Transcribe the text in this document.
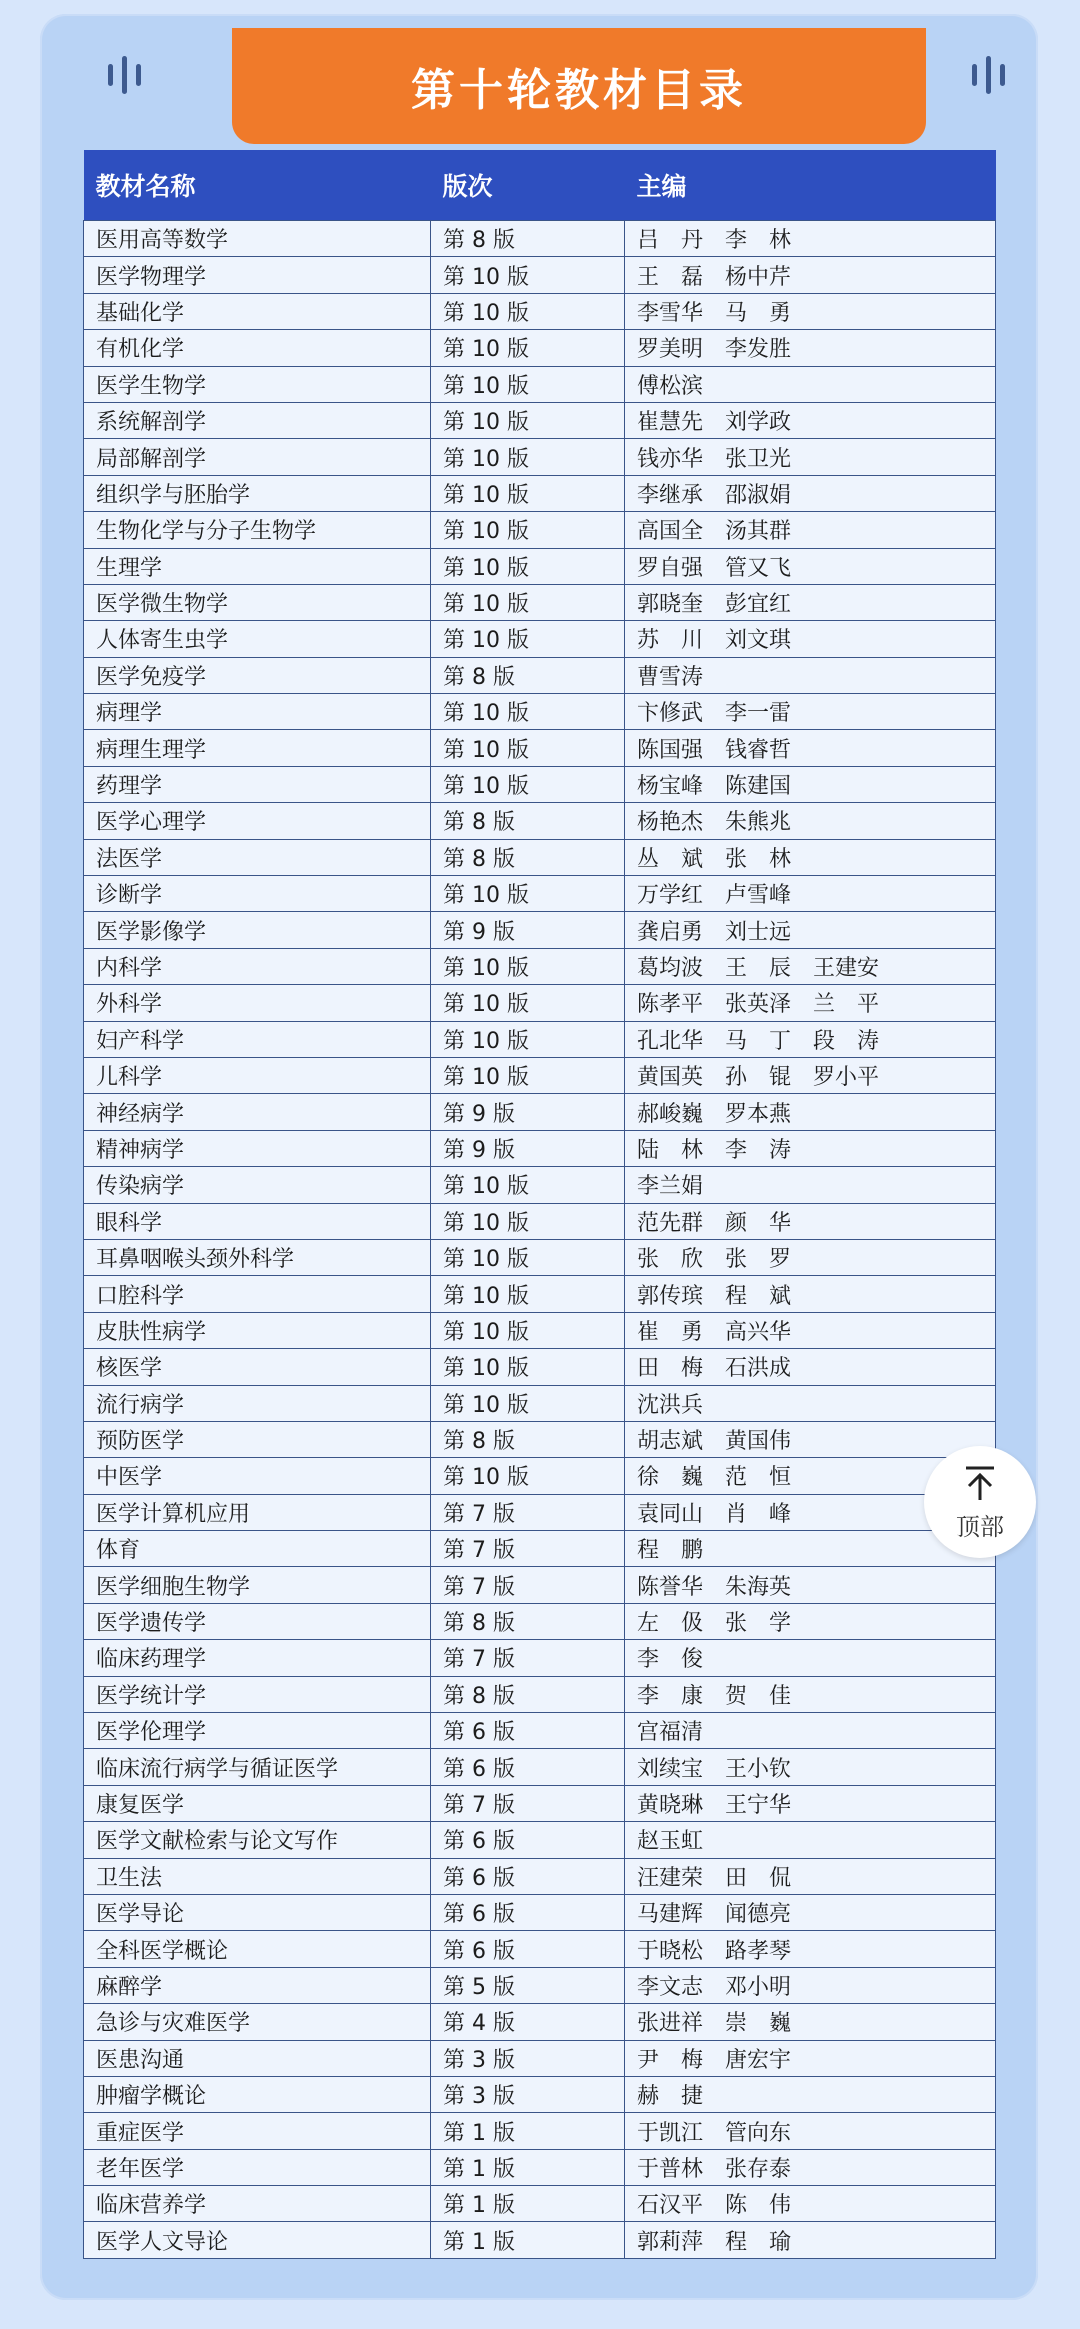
第十轮教材目录
教材名称	版次	主编
医用高等数学	第 8 版	吕　丹　李　林
医学物理学	第 10 版	王　磊　杨中芹
基础化学	第 10 版	李雪华　马　勇
有机化学	第 10 版	罗美明　李发胜
医学生物学	第 10 版	傅松滨
系统解剖学	第 10 版	崔慧先　刘学政
局部解剖学	第 10 版	钱亦华　张卫光
组织学与胚胎学	第 10 版	李继承　邵淑娟
生物化学与分子生物学	第 10 版	高国全　汤其群
生理学	第 10 版	罗自强　管又飞
医学微生物学	第 10 版	郭晓奎　彭宜红
人体寄生虫学	第 10 版	苏　川　刘文琪
医学免疫学	第 8 版	曹雪涛
病理学	第 10 版	卞修武　李一雷
病理生理学	第 10 版	陈国强　钱睿哲
药理学	第 10 版	杨宝峰　陈建国
医学心理学	第 8 版	杨艳杰　朱熊兆
法医学	第 8 版	丛　斌　张　林
诊断学	第 10 版	万学红　卢雪峰
医学影像学	第 9 版	龚启勇　刘士远
内科学	第 10 版	葛均波　王　辰　王建安
外科学	第 10 版	陈孝平　张英泽　兰　平
妇产科学	第 10 版	孔北华　马　丁　段　涛
儿科学	第 10 版	黄国英　孙　锟　罗小平
神经病学	第 9 版	郝峻巍　罗本燕
精神病学	第 9 版	陆　林　李　涛
传染病学	第 10 版	李兰娟
眼科学	第 10 版	范先群　颜　华
耳鼻咽喉头颈外科学	第 10 版	张　欣　张　罗
口腔科学	第 10 版	郭传瑸　程　斌
皮肤性病学	第 10 版	崔　勇　高兴华
核医学	第 10 版	田　梅　石洪成
流行病学	第 10 版	沈洪兵
预防医学	第 8 版	胡志斌　黄国伟
中医学	第 10 版	徐　巍　范　恒
医学计算机应用	第 7 版	袁同山　肖　峰
体育	第 7 版	程　鹏
医学细胞生物学	第 7 版	陈誉华　朱海英
医学遗传学	第 8 版	左　伋　张　学
临床药理学	第 7 版	李　俊
医学统计学	第 8 版	李　康　贺　佳
医学伦理学	第 6 版	宫福清
临床流行病学与循证医学	第 6 版	刘续宝　王小钦
康复医学	第 7 版	黄晓琳　王宁华
医学文献检索与论文写作	第 6 版	赵玉虹
卫生法	第 6 版	汪建荣　田　侃
医学导论	第 6 版	马建辉　闻德亮
全科医学概论	第 6 版	于晓松　路孝琴
麻醉学	第 5 版	李文志　邓小明
急诊与灾难医学	第 4 版	张进祥　崇　巍
医患沟通	第 3 版	尹　梅　唐宏宇
肿瘤学概论	第 3 版	赫　捷
重症医学	第 1 版	于凯江　管向东
老年医学	第 1 版	于普林　张存泰
临床营养学	第 1 版	石汉平　陈　伟
医学人文导论	第 1 版	郭莉萍　程　瑜
顶部
